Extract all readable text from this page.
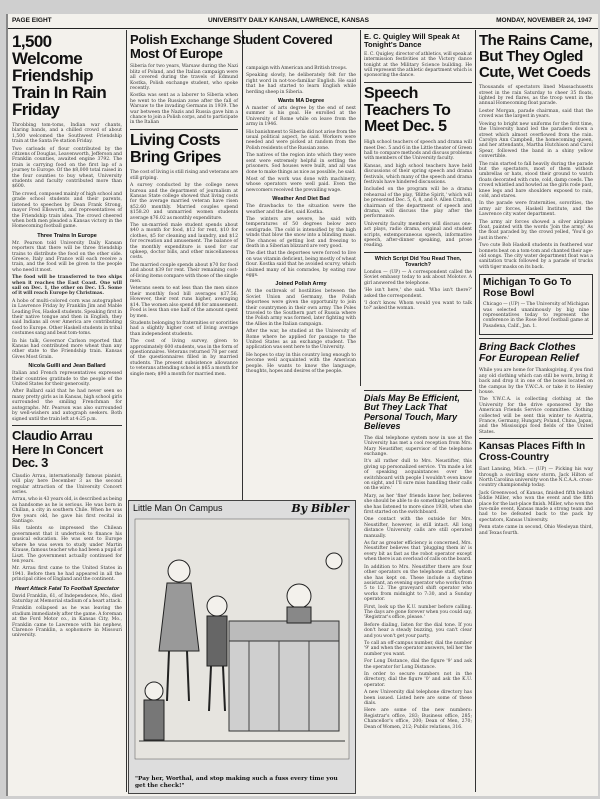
PAGE EIGHT	UNIVERSITY DAILY KANSAN, LAWRENCE, KANSAS	MONDAY, NOVEMBER 24, 1947
1,500 Welcome Friendship Train In Rain Friday

Throbbing tom-toms, Indian war chants, blaring bands, and a chilled crowd of about 1,500 welcomed the Southwest Friendship train at the Santa Fe station Friday.

Two carloads of flour contributed by the citizens of Douglas, Leavenworth, Jefferson and Franklin counties, awaited engine 3792. The train is carrying food on the first lap of a journey to Europe. Of the $8,000 total raised in the four counties to buy wheat, University students and faculty contributed more than $600.

The crowd, composed mainly of high school and grade school students and their parents, listened to speeches by Dean Frank Strong, mayor Fred Ellsworth, and representatives of the Friendship train idea. The crowd cheered when both men pleaded a Kansas victory in the Homecoming football game.

Three Trains In Europe

Mr. Pearson told University Daily Kansan reporters that there will be three friendship trains to distribute the food on the other side. Greece, Italy and France will each receive a train, and the food will be given to the people who need it most.

The food will be transferred to two ships when it reaches the East Coast. One will sail on Dec. 1, the other on Dec. 15. Some of it will reach Europe by Christmas.

A hobo of multi-colored corn was autographed in Lawrence Friday by Franklin Jim and Mable Leading Fox, Haskell students. Speaking first in their native tongue and then in English, they said Indians all over America are contributing food to Europe. Other Haskell students in tribal costumes sang and beat tom-toms.

In his talk, Governor Carlson reported that Kansas had contributed more wheat than any other state to the Friendship train. Kansas Gives Most Grain.

Nicola Guilli and Jean Ballard

Italian and French representatives expressed their countries gratitude to the people of the United States for their generosity.

After Ballard said that he had never seen so many pretty girls as in Kansas, high school girls surrounded the smiling Frenchman for autographs. Mr. Pearson was also surrounded by well-wishers and autograph seekers. Both signed until the train left at 4:25 p.m.

Claudio Arrau Here In Concert Dec. 3

Claudio Arrau, internationally famous pianist, will play here December 3 as the second regular attraction of the University Concert series.

Arrau, who is 43 years old, is described as being as handsome as he is serious. He was born in Chillan, a city in southern Chile. When he was five years old, he gave his first recital in Santiago.

His talents so impressed the Chilean government that it undertook to finance his musical education. He was sent to Europe where he was seven to study under Martin Krause, famous teacher who had been a pupil of Liszt. The government actually continued for ten years.

Mr. Arrau first came to the United States in 1941. Before then he had appeared in all the principal cities of England and the continent.

Heart Attack Fatal To Football Spectator

David Franklin, 61, of Independence, Mo., died Saturday at Memorial stadium of a heart attack.

Franklin collapsed as he was leaving the stadium immediately after the game. A foreman at the Ford Motor co., in Kansas City, Mo., Franklin came to Lawrence with his nephew, Clarence Franklin, a sophomore in Missouri university.

Polish Exchange Student Covered Most Of Europe

Siberia for two years, Warsaw during the Nazi blitz of Poland, and the Italian campaign were all covered during the travels of Edmund Kostka, Polish exchange student, who spoke recently.

Kostka was sent as a laborer to Siberia when he went to the Russian zone after the fall of Warsaw to the invading Germans in 1939. The war between the Nazis and Russia gave him a chance to join a Polish corps, and to participate in the Italian

Living Costs Bring Gripes

The cost of living is still rising and veterans are still griping.

A survey conducted by the college news bureau and the department of journalism at Kansas State college showed that living costs for the average married veteran have risen $52.60 monthly. Married couples spend $158.20 and unmarried women students average $76.02 as monthly expenditure.

The un-married male student spends about $40 a month for food, $12 for rent, $10 for clothes, $5 for cleaning and laundry, and $12 for recreation and amusement. The balance of the monthly expenditure is used for car upkeep, doctor bills, and other miscellaneous costs.

The married couple spends about $70 for food and about $39 for rent. Their remaining cost-of-living items compare with those of the single men.

Veterans seem to eat less than the men since their monthly food bill averages $37.56. However, their rent runs higher, averaging $14. The women also spend $8 for amusement. Food is less than one half of the amount spent by men.

Students belonging to fraternities or sororities had a slightly higher cost of living average than independent students.

The cost of living survey, given to approximately 600 students, was in the form of questionnaires. Veterans returned 78 per cent of the questionnaires filled in by married students. The present subsistence allowance to veterans attending school is $65 a month for single men; $90 a month for married men.

campaign with American and British troops.

Speaking slowly, he deliberately felt for the right word in not-too-familiar English. He said that he had started to learn English while herding sheep in Siberia.

Wants MA Degree

A master of arts degree by the end of next summer is his goal. He enrolled at the University of Rome while on leave from the army in 1946.

His banishment to Siberia did not arise from the usual political aspect, he said. Workers were needed and were picked at random from the Polish residents of the Russian zone.

The natives of the region into which they were sent were extremely helpful in settling the prisoners. Sod houses were built, and all was done to make things as nice as possible, he said.

Most of the work was done with machinery, whose operators were well paid. Even the newcomers received the prevailing wage.

Weather And Diet Bad

The drawbacks to the situation were the weather and the diet, said Kostka.

The winters are severe, he said with temperatures of 50 degrees below zero centigrade. The cold is intensified by the high winds that blow the snow into a blinding mass. The chances of getting lost and freezing to death in a Siberian blizzard are very good.

The diet that the deportees were forced to live on was vitamin deficient, being mostly of wheat flour. Kostka said that he avoided scurvy, which claimed many of his comrades, by eating raw eggs.

Joined Polish Army

At the outbreak of hostilities between the Soviet Union and Germany, the Polish deportees were given the opportunity to join their countrymen in their own army. The Poles traveled to the Southern part of Russia where the Polish army was formed, later fighting with the Allies in the Italian campaign.

After the war, he studied at the University of Rome where he applied for passage to the United States as an exchange student. The application was sent here to the University.

He hopes to stay in this country long enough to become well acquainted with the American people. He wants to know the language, thoughts, hopes and desires of the people.

Little Man On Campus	By Bibler
"Pay her, Worthal, and stop making such a fuss every time you get the check!"
E. C. Quigley Will Speak At Tonight's Dance

E. C. Quigley, director of athletics, will speak at intermission festivities at the Victory dance tonight at the Military Science building. He will represent the athletic department which is sponsoring the dance.

Speech Teachers To Meet Dec. 5

High school teachers of speech and drama will meet Dec. 5 and 6 in the Little theater of Green hall to compare methods and discuss problems with members of the University faculty.

Kansas, and high school teachers have held discussions of their spring speech and drama festivals, which many of the speech and drama festivals have hindered discussions.

Included on the program will be a drama rehearsal of the play, 'Blithe Spirit,' which will be presented Dec. 5, 6, 8, and 9. Allen Crafton, chairman of the department of speech and drama, will discuss the play after the performance.

University faculty members will discuss one-act plays, radio drama, original and student scripts, extemporaneous speech, informative speech, after-dinner speaking, and prose reading.

Which Script Did You Read Then, Tovarich?

London — (UP) — A correspondent called the Soviet embassy today to ask about Molotov. A girl answered the telephone.

'He isn't here,' she said. 'Who isn't there?' asked the correspondent.

'I don't know. Whom would you want to talk to?' asked the woman.

Dials May Be Efficient, But They Lack That Personal Touch, Mary Believes

The dial telephone system now in use at the University has met a cool reception from Mrs. Mary Neustifter, supervisor of the telephone exchange.

It's all rather dull to Mrs. Neustifter, this giving up personalized service. 'I'm made a lot of speaking acquaintances over the switchboard with people I wouldn't even know on sight, and I'll sure miss handling their calls on the wire.'

Mary, as her 'fine' friends know her, believes she should be able to do something better than she has listened to more since 1938, when she first started on the switchboard.

One contact with the outside for Mrs. Neustifter, however, is still intact. All long distance University calls are still operated manually.

As far as greater efficiency is concerned, Mrs. Neustifter believes that 'plugging them in' is every bit as fast as the robot operator except when there is an overload of calls on the board.

In addition to Mrs. Neustifter there are four other operators on the telephone staff, whom she has kept on. These include a daytime assistant, an evening operator who works from 5 to 12. The graveyard shift operator who works from midnight to 7:30, and a Sunday operator.

First, look up the K.U. number before calling. The days are gone forever when you could say, 'Registrar's office, please.'

Before dialing, listen for the dial tone. If you don't hear a steady buzzing, you can't clear and you won't get your party.

To call an off-campus number, dial the number '9' and when the operator answers, tell her the number you want.

For Long Distance, dial the figure '9' and ask the operator for Long Distance.

In order to secure numbers not in the directory, dial the figure '0' and ask the K.U. operator.

A new University dial telephone directory has been issued. Listed here are some of these dials.

Here are some of the new numbers: Registrar's office, 283; Business office, 285; Chancellor's office, 200; Dean of Men, 270; Dean of Women, 212; Public relations, 316.

The Rains Came, But They Ogled Cute, Wet Coeds

Thousands of spectators lined Massachusetts street in the rain Saturday to cheer 35 floats, lighted by red flares, as the troop went in the annual Homecoming float parade.

Lester Morgan, parade chairman, said that the crowd was the largest in years.

Vowing to bright new uniforms for the first time, the University band led the paraders down a street which almost overflowed from the rain. Carolyn Ann Campbell, the homecoming queen, and her attendants, Martha Hutchison and Carol Spear, followed the band in a shiny yellow convertible.

The rain started to fall heavily during the parade but the spectators, most of them without umbrellas or hats, stood their ground to watch floats decorated with cute, cold, damp coeds. The crowd whistled and howled as the girls rode past, knee legs and bare shoulders exposed to rain, cold, and stares.

In the parade were fraternities, sororities, the army air forces, Haskell Institute, and the Lawrence city water department.

The army air forces showed a silver airplane float, painted with the words 'Join the army.' As the float paraded by, the crowd yelled, 'You'd go just in there.'

Two cute Bob Haskell students in feathered war bonnets beat on a tom-tom and chanted their age-old songs. The city water department float was a sanitation truck followed by a parade of trucks with tiger masks on its back.

Michigan To Go To Rose Bowl

Chicago — (UP) — The University of Michigan was selected unanimously by big nine representatives today to represent the conference in the Rose Bowl football game at Pasadena, Calif., Jan. 1.

Bring Back Clothes For European Relief

While you are home for Thanksgiving, if you find any old clothing which can still be worn, bring it back and drop it in one of the boxes located on the campus by the Y.W.C.A. or take it to Henley house.

The Y.W.C.A. is collecting clothing at the University for the drive sponsored by the American Friends Service committee. Clothing collected will be sent this winter to Austria, France, Germany, Hungary, Poland, China, Japan, and the Mississippi food fields of the United States.

Kansas Places Fifth In Cross-Country

East Lansing, Mich. — (UP) — Picking his way through a swirling snow storm, Jack Hilton of North Carolina university won the N.C.A.A. cross-country championship today.

Jack Greenwood, of Kansas, finished fifth behind Eddie Miller, who won the event and the fifth place for the last-place finish. Miller, who won the two-mile event, Kansas made a strong team and had to be defeated back to the pack by spectators, Kansas University.

Penn state came in second, Ohio Wesleyan third, and Texas fourth.
